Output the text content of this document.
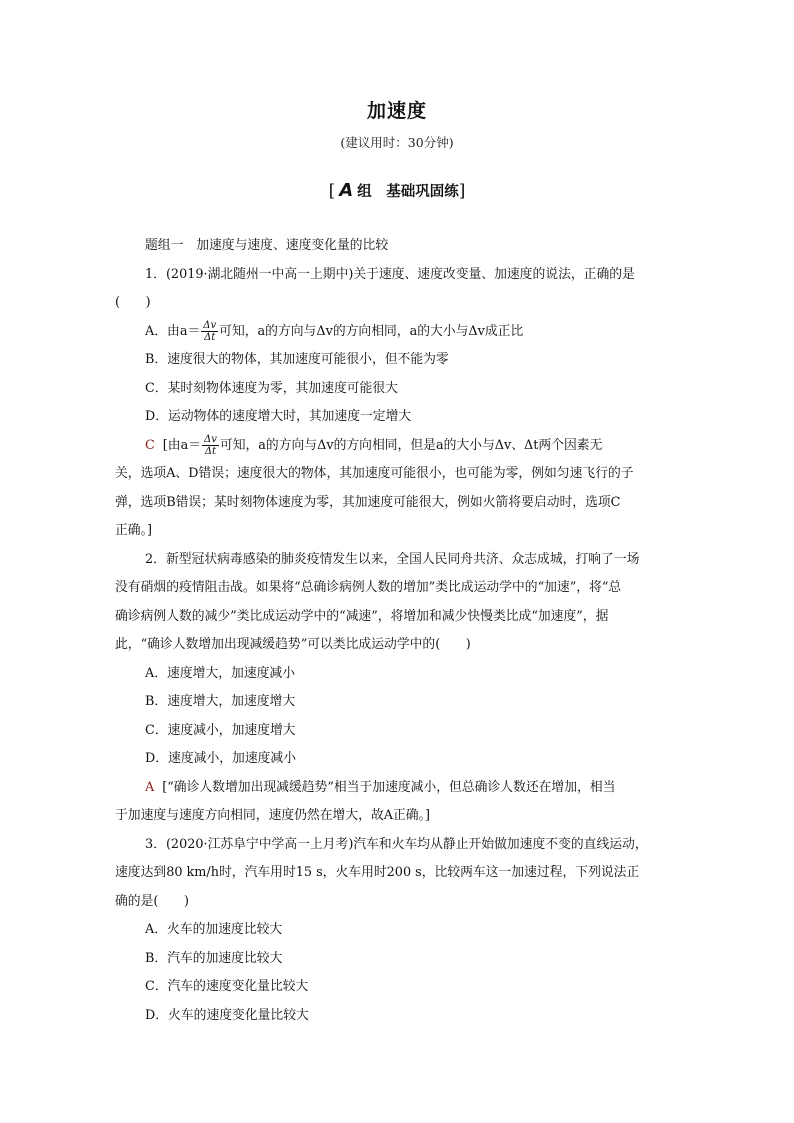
加速度
(建议用时：30分钟)
[ A 组　基础巩固练]
题组一　加速度与速度、速度变化量的比较
1．(2019·湖北随州一中高一上期中)关于速度、速度改变量、加速度的说法，正确的是
(　　)
A．由$a= \frac{\Delta v}{\Delta t}$ 可知，a的方向与Δv的方向相同，a的大小与Δv成正比
B．速度很大的物体，其加速度可能很小，但不能为零
C．某时刻物体速度为零，其加速度可能很大
D．运动物体的速度增大时，其加速度一定增大
C [由$a= \frac{\Delta v}{\Delta t}$ 可知，a的方向与Δv的方向相同，但是a的大小与Δv、Δt两个因素无
关，选项A、D错误；速度很大的物体，其加速度可能很小，也可能为零，例如匀速飞行的子
弹，选项B错误；某时刻物体速度为零，其加速度可能很大，例如火箭将要启动时，选项C
正确。]
2．新型冠状病毒感染的肺炎疫情发生以来，全国人民同舟共济、众志成城，打响了一场
没有硝烟的疫情阻击战。如果将“总确诊病例人数的增加”类比成运动学中的“加速”，将“总
确诊病例人数的减少”类比成运动学中的“减速”，将增加和减少快慢类比成“加速度”，据
此，“确诊人数增加出现减缓趋势”可以类比成运动学中的(　　)
A．速度增大，加速度减小
B．速度增大，加速度增大
C．速度减小，加速度增大
D．速度减小，加速度减小
A [“确诊人数增加出现减缓趋势”相当于加速度减小，但总确诊人数还在增加，相当
于加速度与速度方向相同，速度仍然在增大，故A正确。]
3．(2020·江苏阜宁中学高一上月考)汽车和火车均从静止开始做加速度不变的直线运动，
速度达到80 km/h时，汽车用时15 s，火车用时200 s，比较两车这一加速过程，下列说法正
确的是(　　)
A．火车的加速度比较大
B．汽车的加速度比较大
C．汽车的速度变化量比较大
D．火车的速度变化量比较大
